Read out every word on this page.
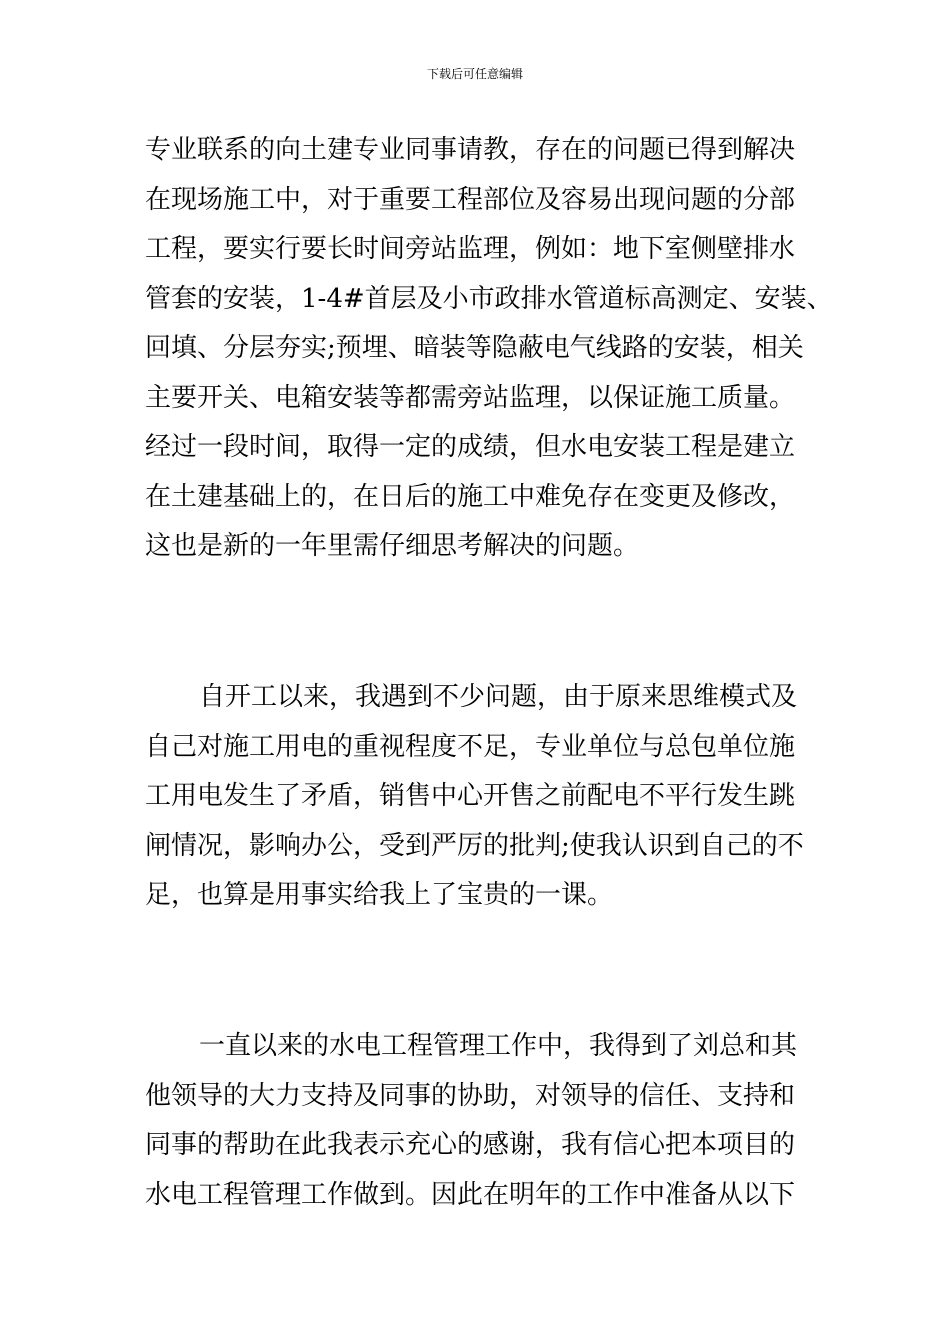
下载后可任意编辑
专业联系的向土建专业同事请教，存在的问题已得到解决
在现场施工中，对于重要工程部位及容易出现问题的分部
工程，要实行要长时间旁站监理，例如：地下室侧壁排水
管套的安装，1-4#首层及小市政排水管道标高测定、安装、
回填、分层夯实;预埋、暗装等隐蔽电气线路的安装，相关
主要开关、电箱安装等都需旁站监理，以保证施工质量。
经过一段时间，取得一定的成绩，但水电安装工程是建立
在土建基础上的，在日后的施工中难免存在变更及修改，
这也是新的一年里需仔细思考解决的问题。
自开工以来，我遇到不少问题，由于原来思维模式及
自己对施工用电的重视程度不足，专业单位与总包单位施
工用电发生了矛盾，销售中心开售之前配电不平行发生跳
闸情况，影响办公，受到严厉的批判;使我认识到自己的不
足，也算是用事实给我上了宝贵的一课。
一直以来的水电工程管理工作中，我得到了刘总和其
他领导的大力支持及同事的协助，对领导的信任、支持和
同事的帮助在此我表示充心的感谢，我有信心把本项目的
水电工程管理工作做到。因此在明年的工作中准备从以下
